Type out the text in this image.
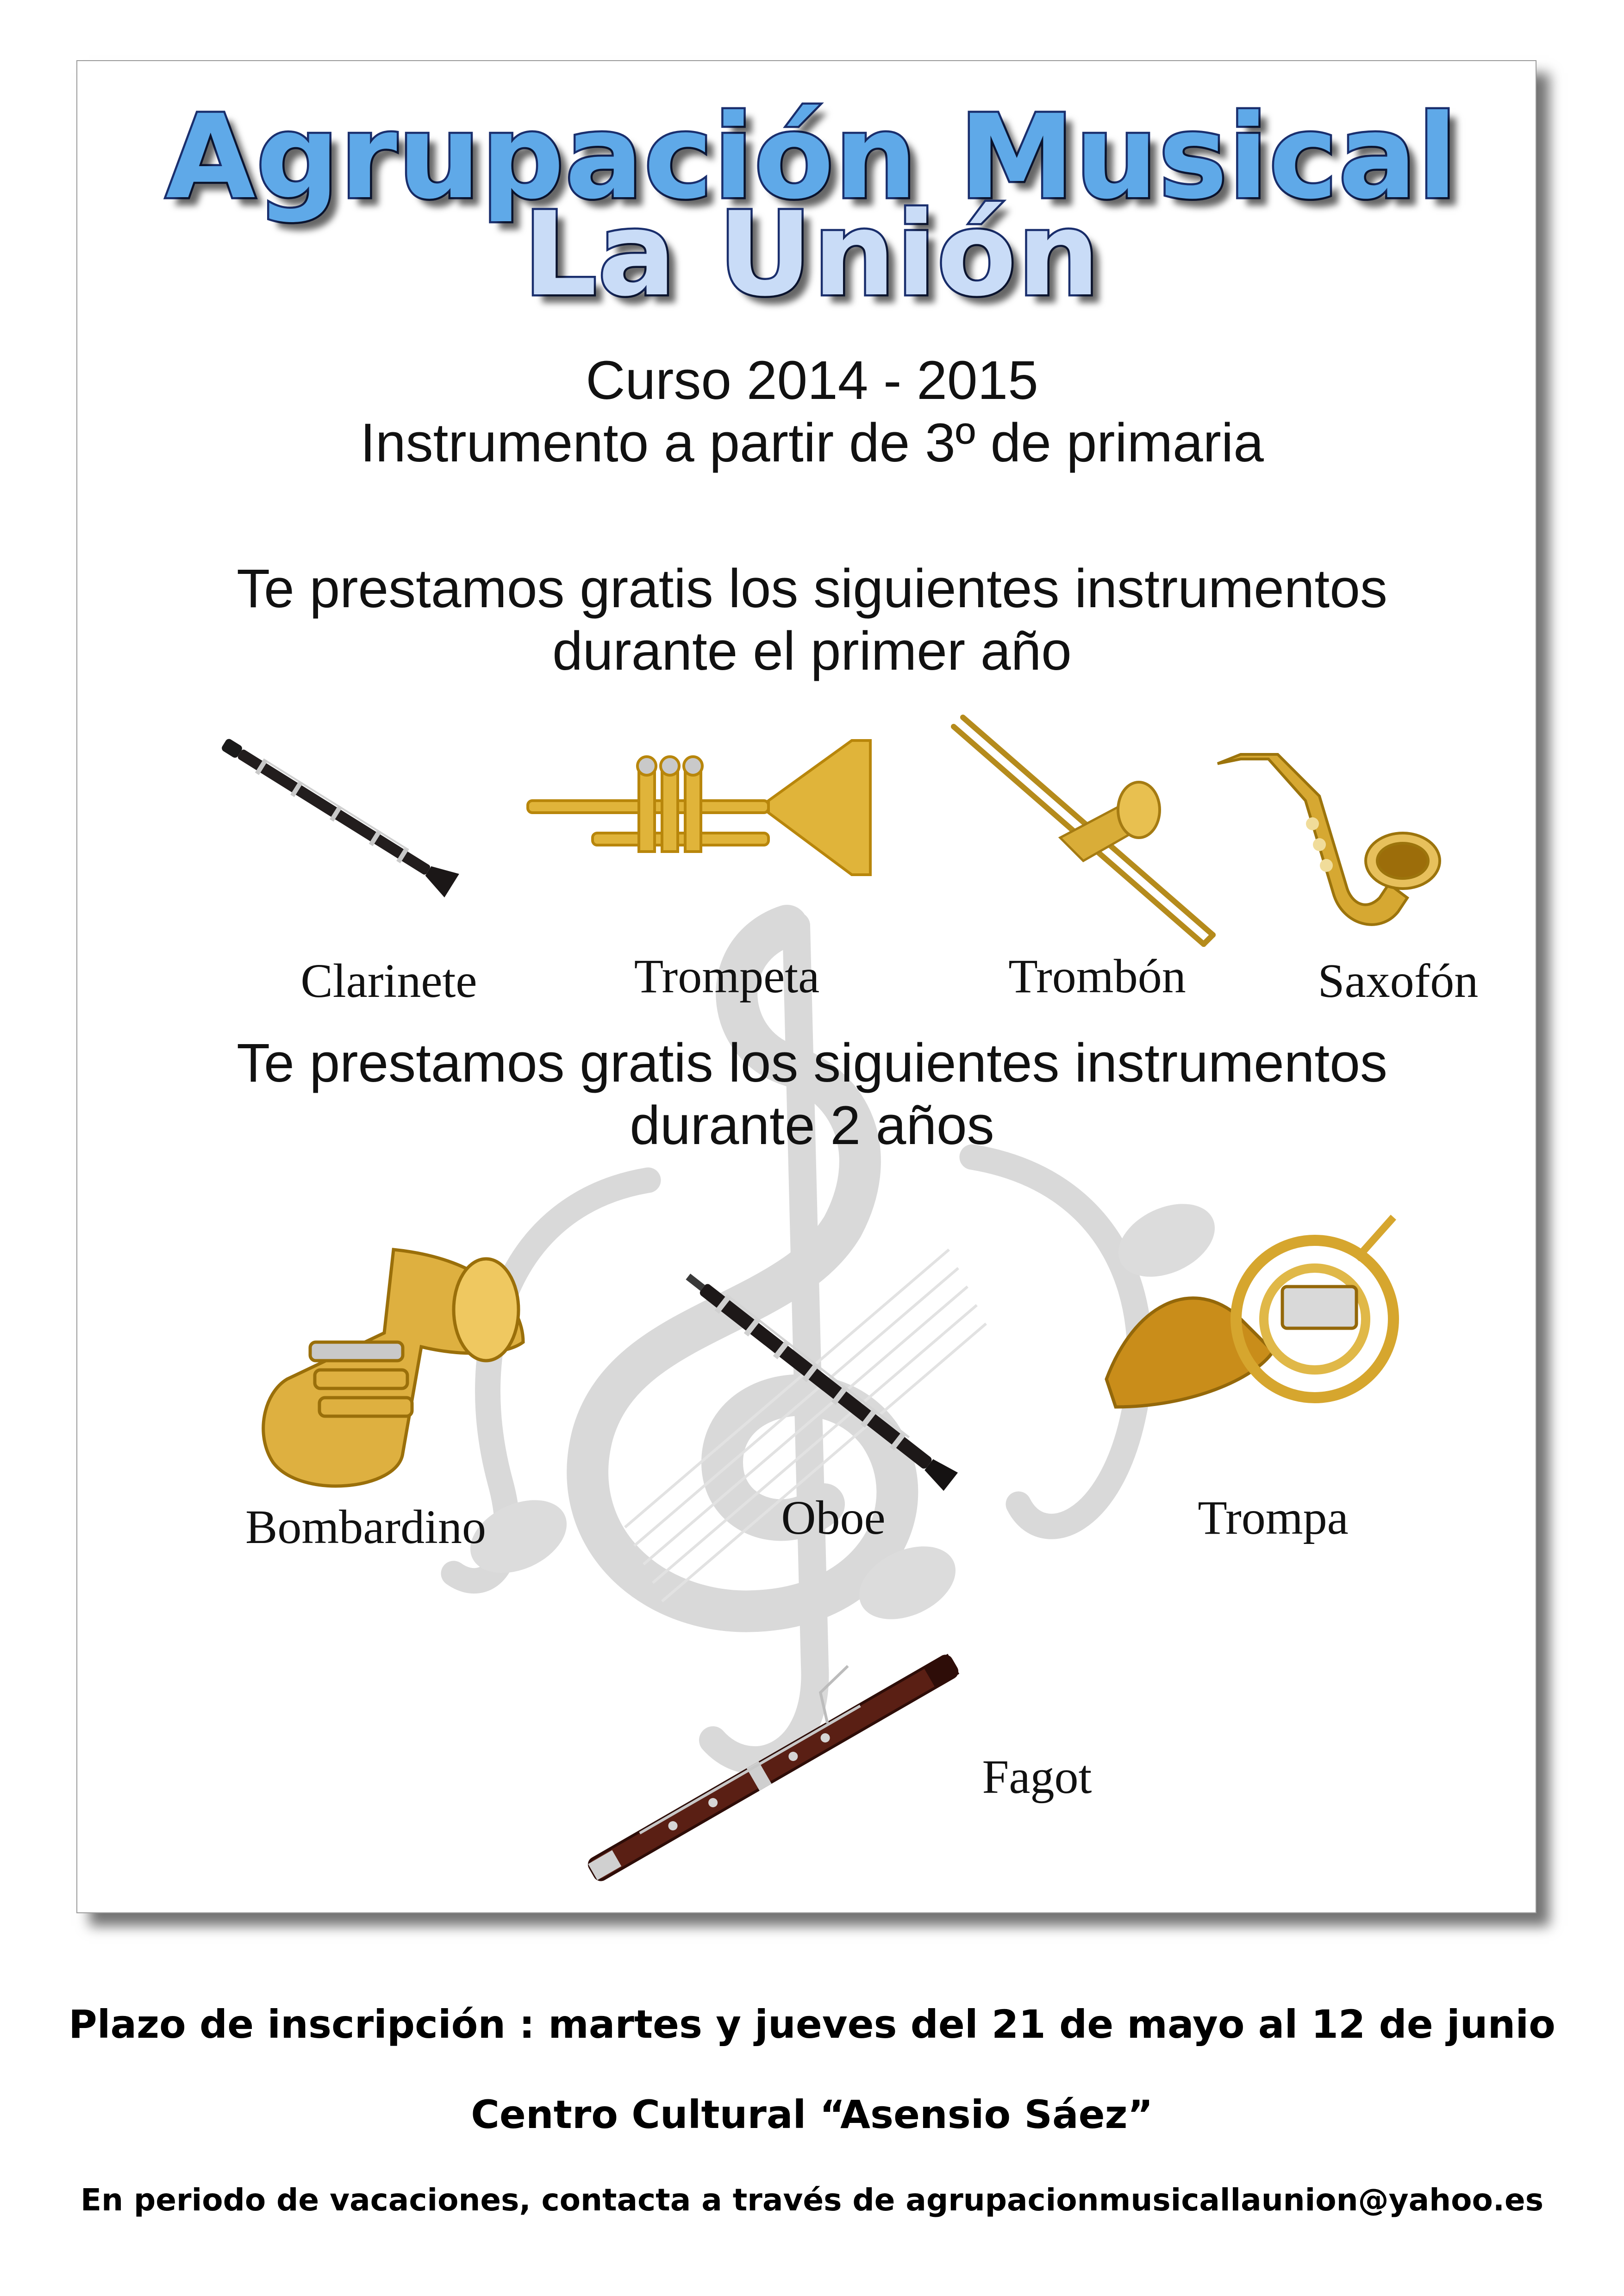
Agrupación Musical
La Unión
Curso 2014 - 2015
Instrumento a partir de 3º de primaria
Te prestamos gratis los siguientes instrumentos
durante el primer año
Clarinete	Trompeta	Trombón	Saxofón
Te prestamos gratis los siguientes instrumentos
durante 2 años
Bombardino	Oboe	Trompa
Fagot
Plazo de inscripción : martes y jueves del 21 de mayo al 12 de junio
Centro Cultural “Asensio Sáez”
En periodo de vacaciones, contacta a través de agrupacionmusicallaunion@yahoo.es
